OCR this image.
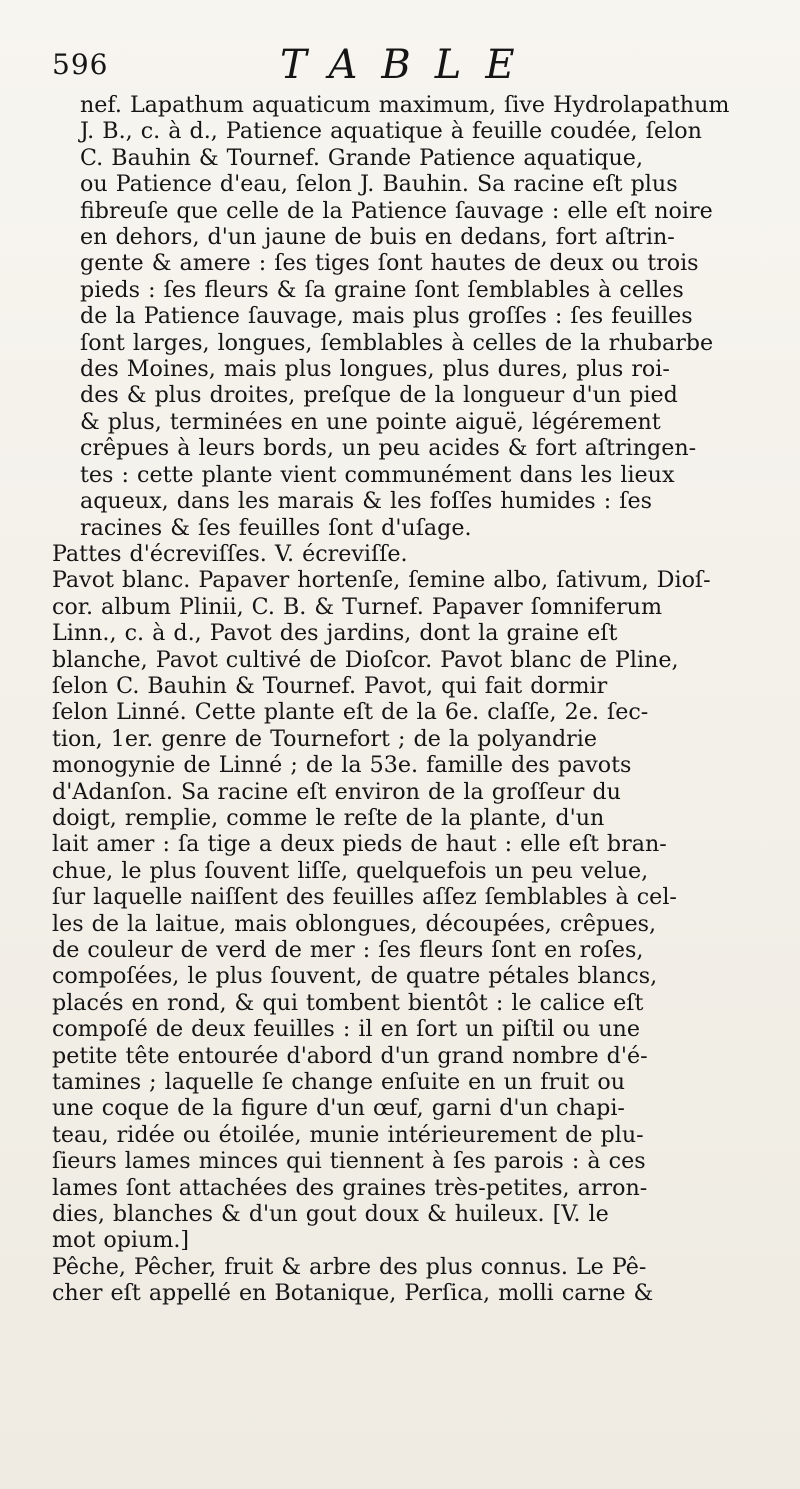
596	TABLE
nef. Lapathum aquaticum maximum, ſive Hydrolapathum
J. B., c. à d., Patience aquatique à feuille coudée, ſelon
C. Bauhin & Tournef. Grande Patience aquatique,
ou Patience d'eau, ſelon J. Bauhin. Sa racine eſt plus
fibreuſe que celle de la Patience ſauvage : elle eſt noire
en dehors, d'un jaune de buis en dedans, fort aſtrin-
gente & amere : ſes tiges ſont hautes de deux ou trois
pieds : ſes fleurs & ſa graine ſont ſemblables à celles
de la Patience ſauvage, mais plus groſſes : ſes feuilles
ſont larges, longues, ſemblables à celles de la rhubarbe
des Moines, mais plus longues, plus dures, plus roi-
des & plus droites, preſque de la longueur d'un pied
& plus, terminées en une pointe aiguë, légérement
crêpues à leurs bords, un peu acides & fort aſtringen-
tes : cette plante vient communément dans les lieux
aqueux, dans les marais & les foſſes humides : ſes
racines & ſes feuilles ſont d'uſage.
Pattes d'écreviſſes. V. écreviſſe.
Pavot blanc. Papaver hortenſe, ſemine albo, ſativum, Dioſ-
cor. album Plinii, C. B. & Turnef. Papaver ſomniferum
Linn., c. à d., Pavot des jardins, dont la graine eſt
blanche, Pavot cultivé de Dioſcor. Pavot blanc de Pline,
ſelon C. Bauhin & Tournef. Pavot, qui fait dormir
ſelon Linné. Cette plante eſt de la 6e. claſſe, 2e. ſec-
tion, 1er. genre de Tournefort ; de la polyandrie
monogynie de Linné ; de la 53e. famille des pavots
d'Adanſon. Sa racine eſt environ de la groſſeur du
doigt, remplie, comme le reſte de la plante, d'un
lait amer : ſa tige a deux pieds de haut : elle eſt bran-
chue, le plus ſouvent liſſe, quelquefois un peu velue,
ſur laquelle naiſſent des feuilles aſſez ſemblables à cel-
les de la laitue, mais oblongues, découpées, crêpues,
de couleur de verd de mer : ſes fleurs ſont en roſes,
compoſées, le plus ſouvent, de quatre pétales blancs,
placés en rond, & qui tombent bientôt : le calice eſt
compoſé de deux feuilles : il en ſort un piſtil ou une
petite tête entourée d'abord d'un grand nombre d'é-
tamines ; laquelle ſe change enſuite en un fruit ou
une coque de la figure d'un œuf, garni d'un chapi-
teau, ridée ou étoilée, munie intérieurement de plu-
ſieurs lames minces qui tiennent à ſes parois : à ces
lames ſont attachées des graines très-petites, arron-
dies, blanches & d'un gout doux & huileux. [V. le
mot opium.]
Pêche, Pêcher, fruit & arbre des plus connus. Le Pê-
cher eſt appellé en Botanique, Perſica, molli carne &
